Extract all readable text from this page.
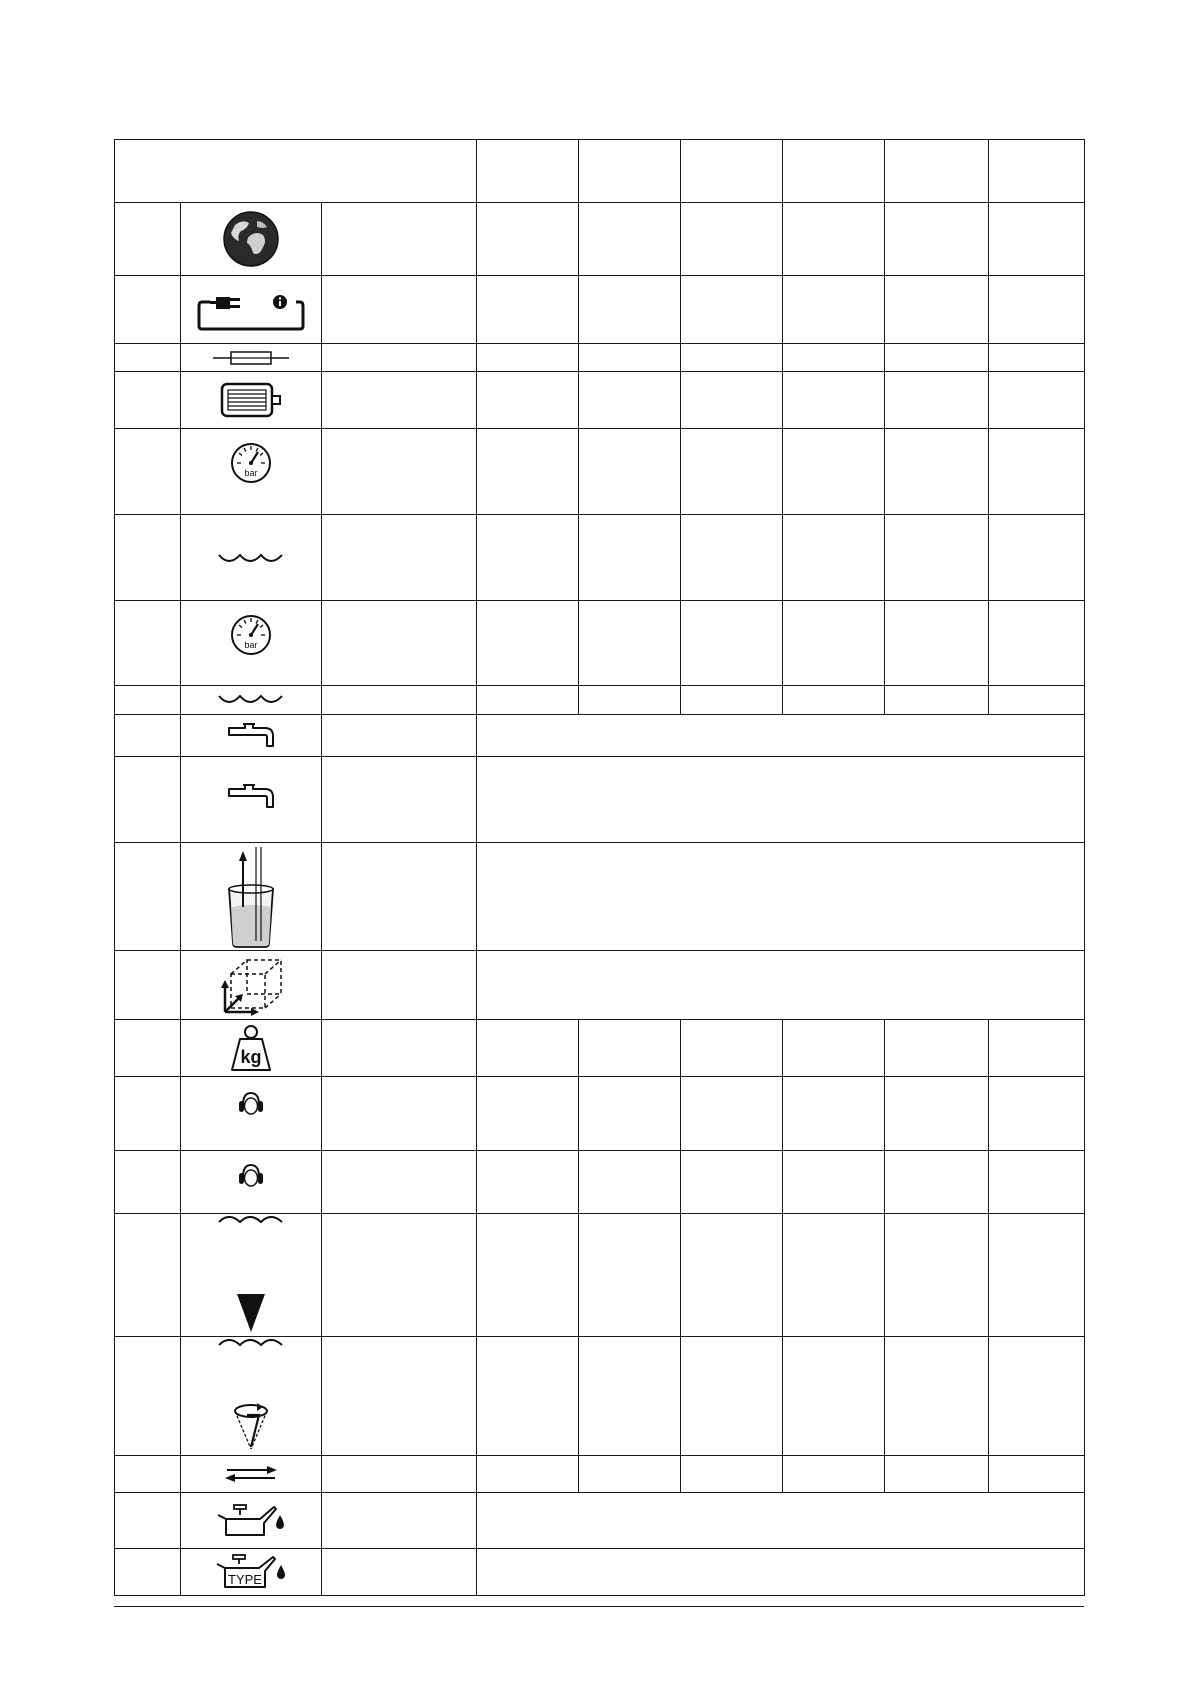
bar							

bar							

kg							

TYPE							
